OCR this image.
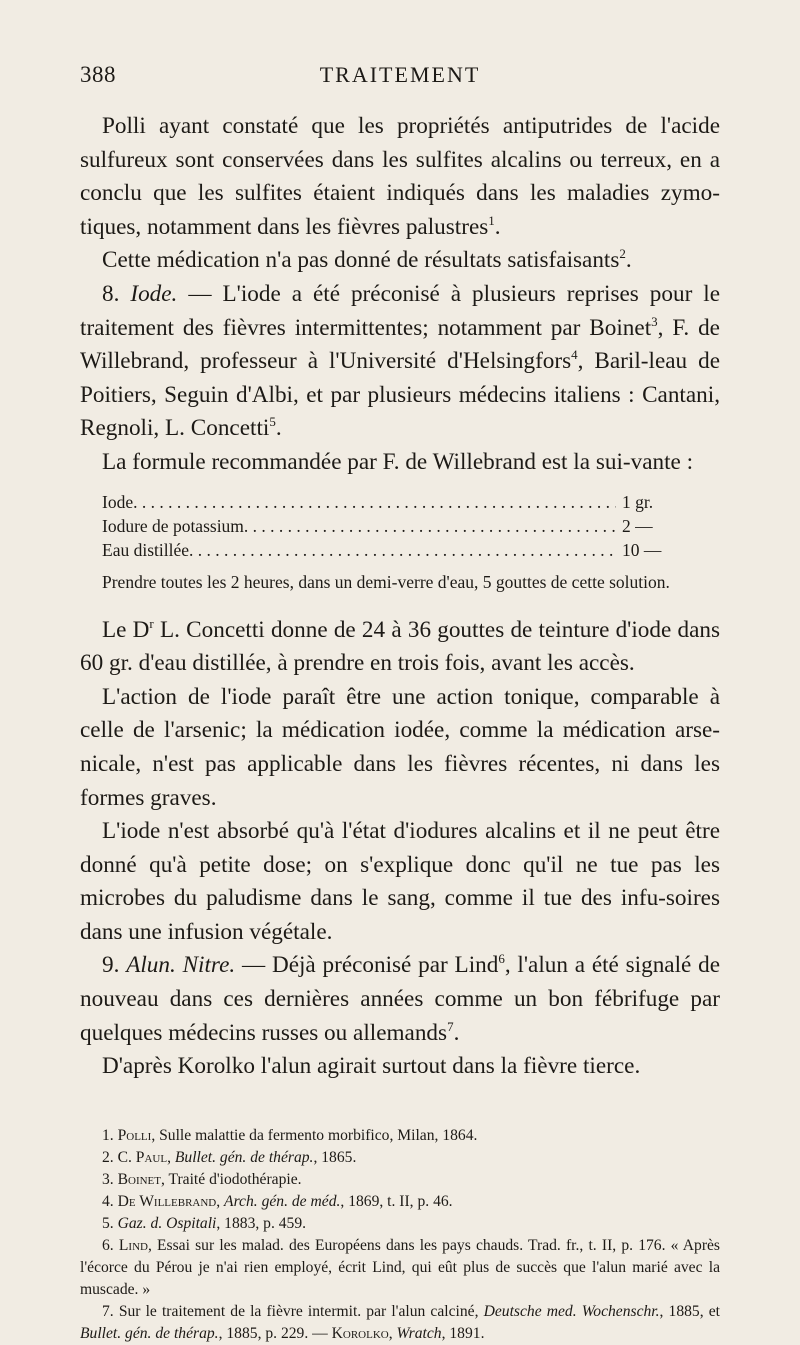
388	TRAITEMENT

Polli ayant constaté que les propriétés antiputrides de l'acide sulfureux sont conservées dans les sulfites alcalins ou terreux, en a conclu que les sulfites étaient indiqués dans les maladies zymo-tiques, notamment dans les fièvres palustres$^1$.

Cette médication n'a pas donné de résultats satisfaisants$^2$.

8. Iode. — L'iode a été préconisé à plusieurs reprises pour le traitement des fièvres intermittentes; notamment par Boinet$^3$, F. de Willebrand, professeur à l'Université d'Helsingfors$^4$, Baril-leau de Poitiers, Seguin d'Albi, et par plusieurs médecins italiens : Cantani, Regnoli, L. Concetti$^5$.

La formule recommandée par F. de Willebrand est la sui-vante :

Iode . . .	1 gr.
Iodure de potassium . . .	2 —
Eau distillée . . .	10 —

Prendre toutes les 2 heures, dans un demi-verre d'eau, 5 gouttes de cette solution.

Le $D^r$ L. Concetti donne de 24 à 36 gouttes de teinture d'iode dans 60 gr. d'eau distillée, à prendre en trois fois, avant les accès.

L'action de l'iode paraît être une action tonique, comparable à celle de l'arsenic; la médication iodée, comme la médication arse-nicale, n'est pas applicable dans les fièvres récentes, ni dans les formes graves.

L'iode n'est absorbé qu'à l'état d'iodures alcalins et il ne peut être donné qu'à petite dose; on s'explique donc qu'il ne tue pas les microbes du paludisme dans le sang, comme il tue des infu-soires dans une infusion végétale.

9. Alun. Nitre. — Déjà préconisé par Lind$^6$, l'alun a été signalé de nouveau dans ces dernières années comme un bon fébrifuge par quelques médecins russes ou allemands$^7$.

D'après Korolko l'alun agirait surtout dans la fièvre tierce.

1. Polli, Sulle malattie da fermento morbifico, Milan, 1864.

2. C. Paul, Bullet. gén. de thérap., 1865.

3. Boinet, Traité d'iodothérapie.

4. De Willebrand, Arch. gén. de méd., 1869, t. II, p. 46.

5. Gaz. d. Ospitali, 1883, p. 459.

6. Lind, Essai sur les malad. des Européens dans les pays chauds. Trad. fr., t. II, p. 176. « Après l'écorce du Pérou je n'ai rien employé, écrit Lind, qui eût plus de succès que l'alun marié avec la muscade. »

7. Sur le traitement de la fièvre intermit. par l'alun calciné, Deutsche med. Wochenschr., 1885, et Bullet. gén. de thérap., 1885, p. 229. — Korolko, Wratch, 1891.
